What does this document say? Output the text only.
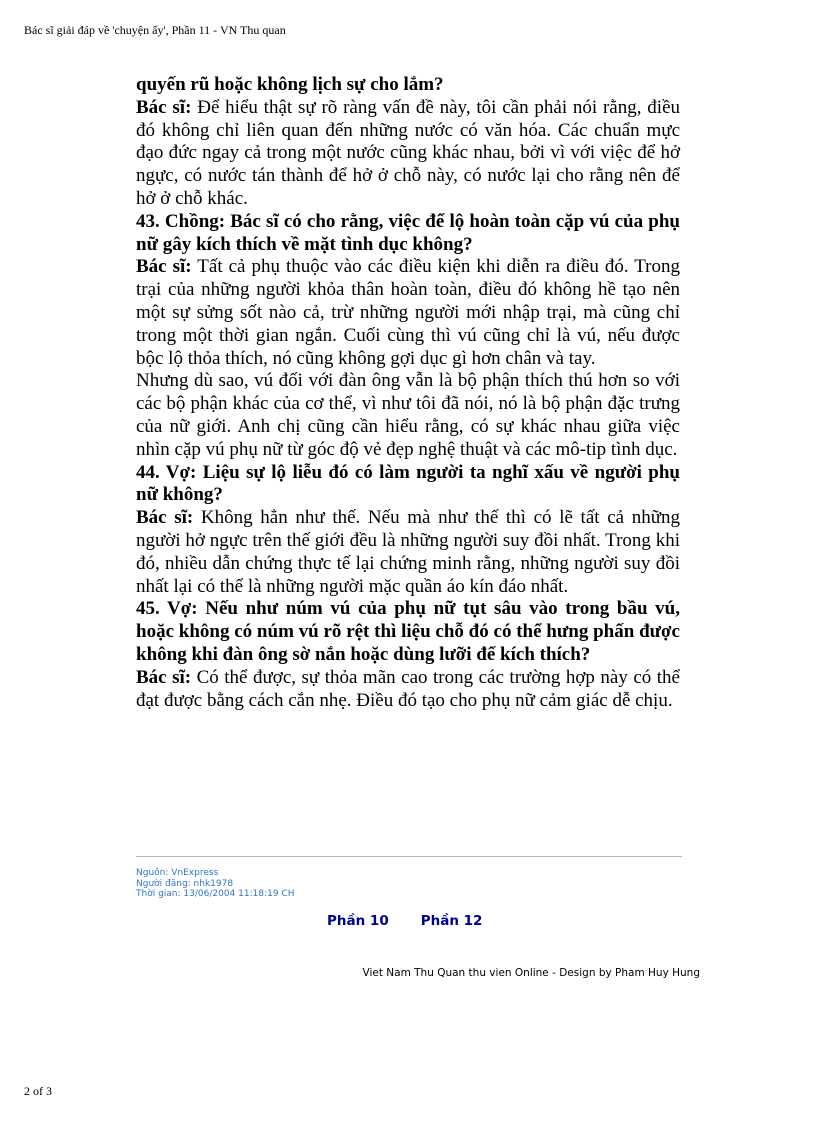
Bác sĩ giải đáp về 'chuyện ấy', Phần 11 - VN Thu quan

quyến rũ hoặc không lịch sự cho lắm?

Bác sĩ: Để hiểu thật sự rõ ràng vấn đề này, tôi cần phải nói rằng, điều đó không chỉ liên quan đến những nước có văn hóa. Các chuẩn mực đạo đức ngay cả trong một nước cũng khác nhau, bởi vì với việc để hở ngực, có nước tán thành để hở ở chỗ này, có nước lại cho rằng nên để hở ở chỗ khác.

43. Chồng: Bác sĩ có cho rằng, việc để lộ hoàn toàn cặp vú của phụ nữ gây kích thích về mặt tình dục không?

Bác sĩ: Tất cả phụ thuộc vào các điều kiện khi diễn ra điều đó. Trong trại của những người khỏa thân hoàn toàn, điều đó không hề tạo nên một sự sửng sốt nào cả, trừ những người mới nhập trại, mà cũng chỉ trong một thời gian ngắn. Cuối cùng thì vú cũng chỉ là vú, nếu được bộc lộ thỏa thích, nó cũng không gợi dục gì hơn chân và tay.

Nhưng dù sao, vú đối với đàn ông vẫn là bộ phận thích thú hơn so với các bộ phận khác của cơ thể, vì như tôi đã nói, nó là bộ phận đặc trưng của nữ giới. Anh chị cũng cần hiểu rằng, có sự khác nhau giữa việc nhìn cặp vú phụ nữ từ góc độ vẻ đẹp nghệ thuật và các mô-tip tình dục.

44. Vợ: Liệu sự lộ liễu đó có làm người ta nghĩ xấu về người phụ nữ không?

Bác sĩ: Không hẳn như thế. Nếu mà như thế thì có lẽ tất cả những người hở ngực trên thế giới đều là những người suy đồi nhất. Trong khi đó, nhiều dẫn chứng thực tế lại chứng minh rằng, những người suy đồi nhất lại có thể là những người mặc quần áo kín đáo nhất.

45. Vợ: Nếu như núm vú của phụ nữ tụt sâu vào trong bầu vú, hoặc không có núm vú rõ rệt thì liệu chỗ đó có thể hưng phấn được không khi đàn ông sờ nắn hoặc dùng lưỡi để kích thích?

Bác sĩ: Có thể được, sự thỏa mãn cao trong các trường hợp này có thể đạt được bằng cách cắn nhẹ. Điều đó tạo cho phụ nữ cảm giác dễ chịu.

Nguồn: VnExpress
Người đăng: nhk1978
Thời gian: 13/06/2004 11:18:19 CH
Phần 10 Phần 12
Viet Nam Thu Quan thu vien Online - Design by Pham Huy Hung
2 of 3
